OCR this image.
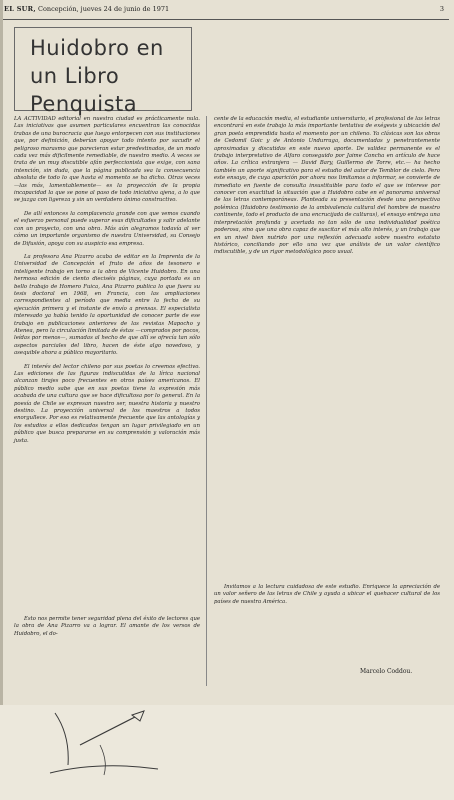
EL SUR, Concepción, jueves 24 de junio de 1971	3
Huidobro en un Libro Penquista

LA ACTIVIDAD editorial en nuestra ciudad es prácticamente nula. Las iniciativas que asumen particulares encuentran las conocidas trabas de una burocracia que luego entorpecen con sus instituciones que, por definición, deberían apoyar todo intento por sacudir el peligroso marasmo que parecieran estar predestinados, de un modo cada vez más dificilmente remediable, de nuestro medio. A veces se trata de un muy discutible afán perfeccionista que exige, con sana intención, sin duda, que la página publicada sea la consecuencia absoluta de todo lo que hasta el momento se ha dicho. Otras veces —las más, lamentablemente— es la proyección de la propia incapacidad la que se pone al paso de todo iniciativa ajena, a lo que se juzga con ligereza y sin un verdadero ánimo constructivo.

De allí entonces la complacencia grande con que vemos cuando el esfuerzo personal puede superar esas dificultades y salir adelante con un proyecto, con una obra. Más aún alegramos todavía al ver cómo un importante organismo de nuestra Universidad, su Consejo de Difusión, apoya con su auspicio esa empresa.

La profesora Ana Pizarro acaba de editar en la Imprenta de la Universidad de Concepción el fruto de años de tesonero e inteligente trabajo en torno a la obra de Vicente Huidobro. En una hermosa edición de ciento dieciséis páginas, cuya portada es un bello trabajo de Homero Fuica, Ana Pizarro publica lo que fuera su tesis doctoral en 1968, en Francia, con las ampliaciones correspondientes al período que media entre la fecha de su ejecución primera y el instante de envío a prensas. El especialista interesado ya había tenido la oportunidad de conocer parte de ese trabajo en publicaciones anteriores de las revistas Mapocho y Atenea, pero la circulación limitada de éstas —comprados por pocos, leídas por menos—, sumadas al hecho de que allí se ofrecía tan sólo aspectos parciales del libro, hacen de éste algo novedoso, y asequible ahora a público mayoritario.

El interés del lector chileno por sus poetas lo creemos efectivo. Las ediciones de las figuras indiscutidas de la lírica nacional alcanzan tirajes poco frecuentes en otros países americanos. El público medio sabe que en sus poetas tiene la expresión más acabada de una cultura que se hace dificultosa por lo general. En la poesía de Chile se expresan nuestro ser, nuestra historia y nuestro destino. La proyección universal de los maestros a todos enorgullece. Por eso es relativamente frecuente que las antologías y los estudios a ellos dedicados tengan un lugar privilegiado en un público que busca prepararse en su comprensión y valoración más justa.

cente de la educación media, el estudiante universitario, el profesional de las letras encontrará en este trabajo la más importante tentativa de exégesis y ubicación del gran poeta emprendida hasta el momento por un chileno. Ya clásicas son las obras de Cedomil Goic y de Antonio Undurraga, documentadas y penetrantemente aproximadas y discutidas en este nuevo aporte. De validez permanente es el trabajo interpretativo de Alfaro conseguido por Jaime Concha en artículo de hace años. La crítica extranjera — David Bary, Guillermo de Torre, etc.— ha hecho también un aporte significativo para el estudio del autor de Temblor de cielo. Pero este ensayo, de cuya aparición por ahora nos limitamos a informar, se convierte de inmediato en fuente de consulta insustituible para todo el que se interese por conocer con exactitud la situación que a Huidobro cabe en el panorama universal de las letras contemporáneas. Planteada su presentación desde una perspectiva polémica (Huidobro testimonio de la ambivalencia cultural del hombre de nuestro continente, todo el producto de una encrucijada de culturas), el ensayo entrega una interpretación profunda y acertada no tan sólo de una individualidad poética poderosa, sino que una obra capaz de suscitar el más alto interés, y un trabajo que en un nivel bien nutrido por una reflexión adecuada sobre nuestro estatuto histórico, conciliando por ello una vez que análisis de un valor científico indiscutible, y de un rigor metodológico poco usual.

Esto nos permite tener seguridad plena del éxito de lectores que la obra de Ana Pizarro va a lograr. El amante de los versos de Huidobro, el do-

Invitamos a la lectura cuidadosa de este estudio. Enriquece la apreciación de un valor señero de las letras de Chile y ayuda a ubicar el quehacer cultural de los países de nuestra América.

Marcelo Coddou.
